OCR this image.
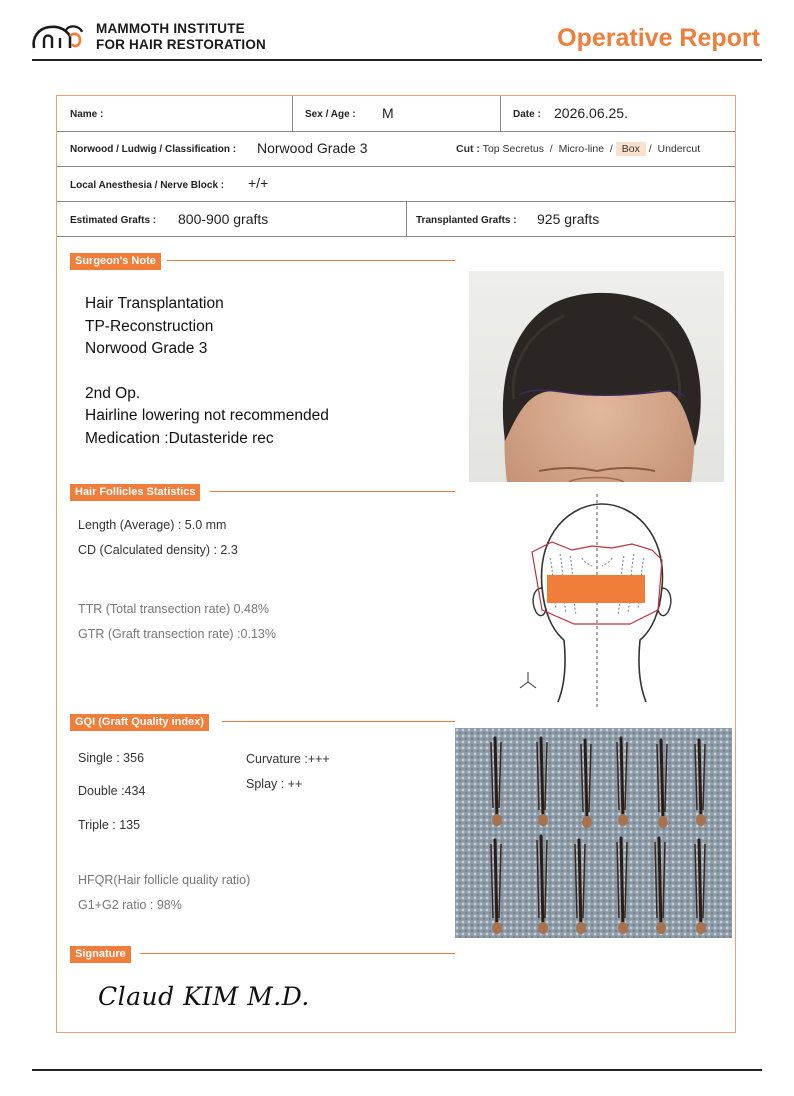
MAMMOTH INSTITUTE
FOR HAIR RESTORATION	Operative Report
Name :	Sex / Age : M	Date : 2026.06.25.
Norwood / Ludwig / Classification : Norwood Grade 3	Cut : Top Secretus / Micro-line / Box / Undercut
Local Anesthesia / Nerve Block : +/+
Estimated Grafts : 800-900 grafts	Transplanted Grafts : 925 grafts
Surgeon's Note
Hair Transplantation
TP-Reconstruction
Norwood Grade 3
2nd Op.
Hairline lowering not recommended
Medication :Dutasteride rec
Hair Follicles Statistics
Length (Average) : 5.0 mm
CD (Calculated density) : 2.3
TTR (Total transection rate) 0.48%
GTR (Graft transection rate) :0.13%
GQI (Graft Quality index)
Single : 356
Double :434
Triple : 135
Curvature :+++
Splay : ++
HFQR(Hair follicle quality ratio)
G1+G2 ratio : 98%
Signature
Claud KIM M.D.
